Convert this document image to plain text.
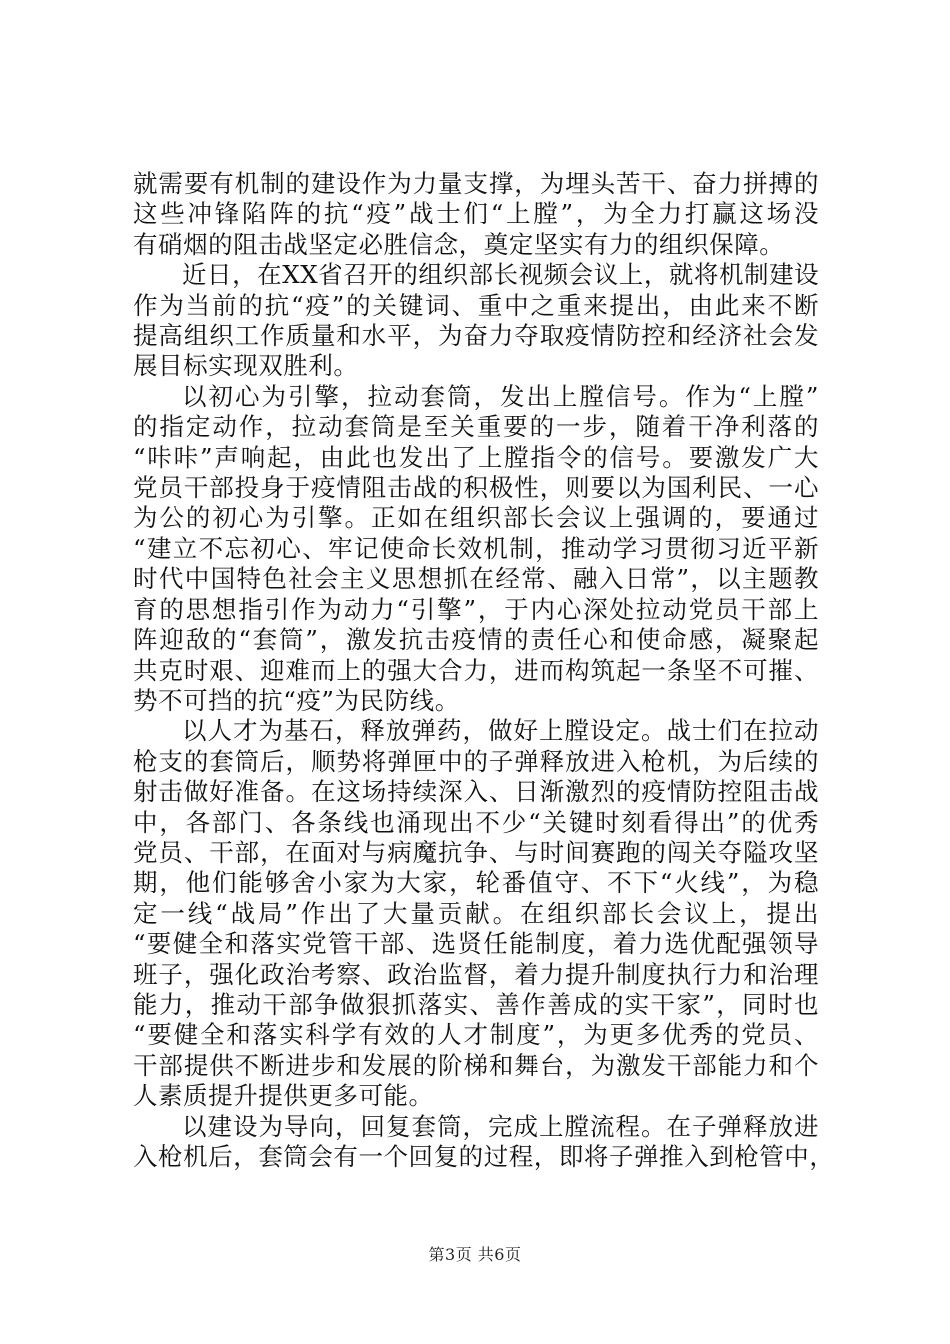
就需要有机制的建设作为力量支撑，为埋头苦干、奋力拼搏的
这些冲锋陷阵的抗“疫”战士们“上膛”，为全力打赢这场没
有硝烟的阻击战坚定必胜信念，奠定坚实有力的组织保障。

近日，在XX省召开的组织部长视频会议上，就将机制建设
作为当前的抗“疫”的关键词、重中之重来提出，由此来不断
提高组织工作质量和水平，为奋力夺取疫情防控和经济社会发
展目标实现双胜利。

以初心为引擎，拉动套筒，发出上膛信号。作为“上膛”
的指定动作，拉动套筒是至关重要的一步，随着干净利落的
“咔咔”声响起，由此也发出了上膛指令的信号。要激发广大
党员干部投身于疫情阻击战的积极性，则要以为国利民、一心
为公的初心为引擎。正如在组织部长会议上强调的，要通过
“建立不忘初心、牢记使命长效机制，推动学习贯彻习近平新
时代中国特色社会主义思想抓在经常、融入日常”，以主题教
育的思想指引作为动力“引擎”，于内心深处拉动党员干部上
阵迎敌的“套筒”，激发抗击疫情的责任心和使命感，凝聚起
共克时艰、迎难而上的强大合力，进而构筑起一条坚不可摧、
势不可挡的抗“疫”为民防线。

以人才为基石，释放弹药，做好上膛设定。战士们在拉动
枪支的套筒后，顺势将弹匣中的子弹释放进入枪机，为后续的
射击做好准备。在这场持续深入、日渐激烈的疫情防控阻击战
中，各部门、各条线也涌现出不少“关键时刻看得出”的优秀
党员、干部，在面对与病魔抗争、与时间赛跑的闯关夺隘攻坚
期，他们能够舍小家为大家，轮番值守、不下“火线”，为稳
定一线“战局”作出了大量贡献。在组织部长会议上，提出
“要健全和落实党管干部、选贤任能制度，着力选优配强领导
班子，强化政治考察、政治监督，着力提升制度执行力和治理
能力，推动干部争做狠抓落实、善作善成的实干家”，同时也
“要健全和落实科学有效的人才制度”，为更多优秀的党员、
干部提供不断进步和发展的阶梯和舞台，为激发干部能力和个
人素质提升提供更多可能。

以建设为导向，回复套筒，完成上膛流程。在子弹释放进
入枪机后，套筒会有一个回复的过程，即将子弹推入到枪管中，

第3页 共6页
